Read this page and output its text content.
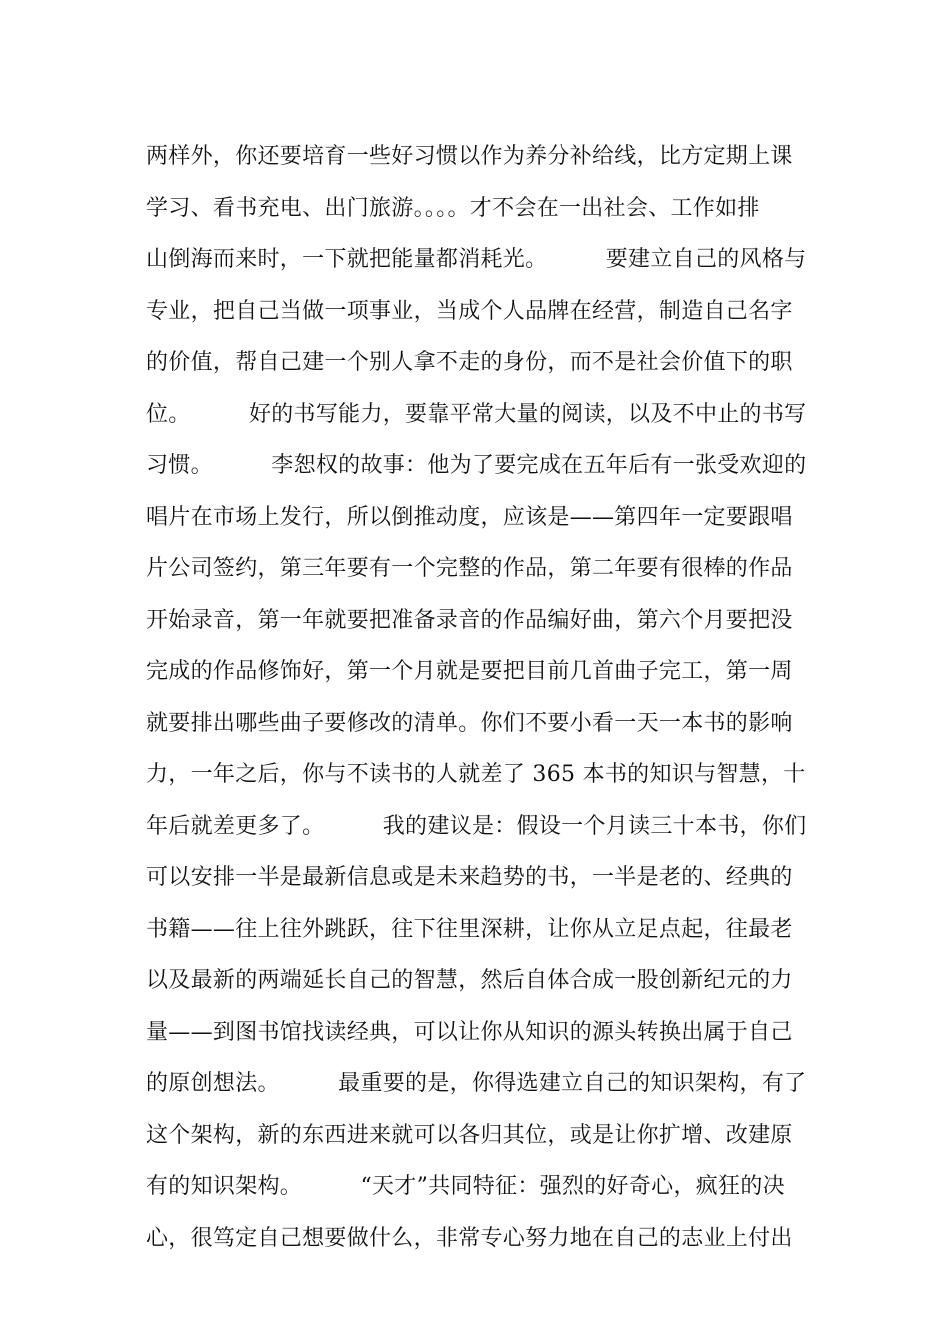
两样外，你还要培育一些好习惯以作为养分补给线，比方定期上课
学习、看书充电、出门旅游。。。。才不会在一出社会、工作如排
山倒海而来时，一下就把能量都消耗光。        要建立自己的风格与
专业，把自己当做一项事业，当成个人品牌在经营，制造自己名字
的价值，帮自己建一个别人拿不走的身份，而不是社会价值下的职
位。        好的书写能力，要靠平常大量的阅读，以及不中止的书写
习惯。        李恕权的故事：他为了要完成在五年后有一张受欢迎的
唱片在市场上发行，所以倒推动度，应该是——第四年一定要跟唱
片公司签约，第三年要有一个完整的作品，第二年要有很棒的作品
开始录音，第一年就要把准备录音的作品编好曲，第六个月要把没
完成的作品修饰好，第一个月就是要把目前几首曲子完工，第一周
就要排出哪些曲子要修改的清单。你们不要小看一天一本书的影响
力，一年之后，你与不读书的人就差了 365 本书的知识与智慧，十
年后就差更多了。        我的建议是：假设一个月读三十本书，你们
可以安排一半是最新信息或是未来趋势的书，一半是老的、经典的
书籍——往上往外跳跃，往下往里深耕，让你从立足点起，往最老
以及最新的两端延长自己的智慧，然后自体合成一股创新纪元的力
量——到图书馆找读经典，可以让你从知识的源头转换出属于自己
的原创想法。        最重要的是，你得选建立自己的知识架构，有了
这个架构，新的东西进来就可以各归其位，或是让你扩增、改建原
有的知识架构。        “天才”共同特征：强烈的好奇心，疯狂的决
心，很笃定自己想要做什么，非常专心努力地在自己的志业上付出
